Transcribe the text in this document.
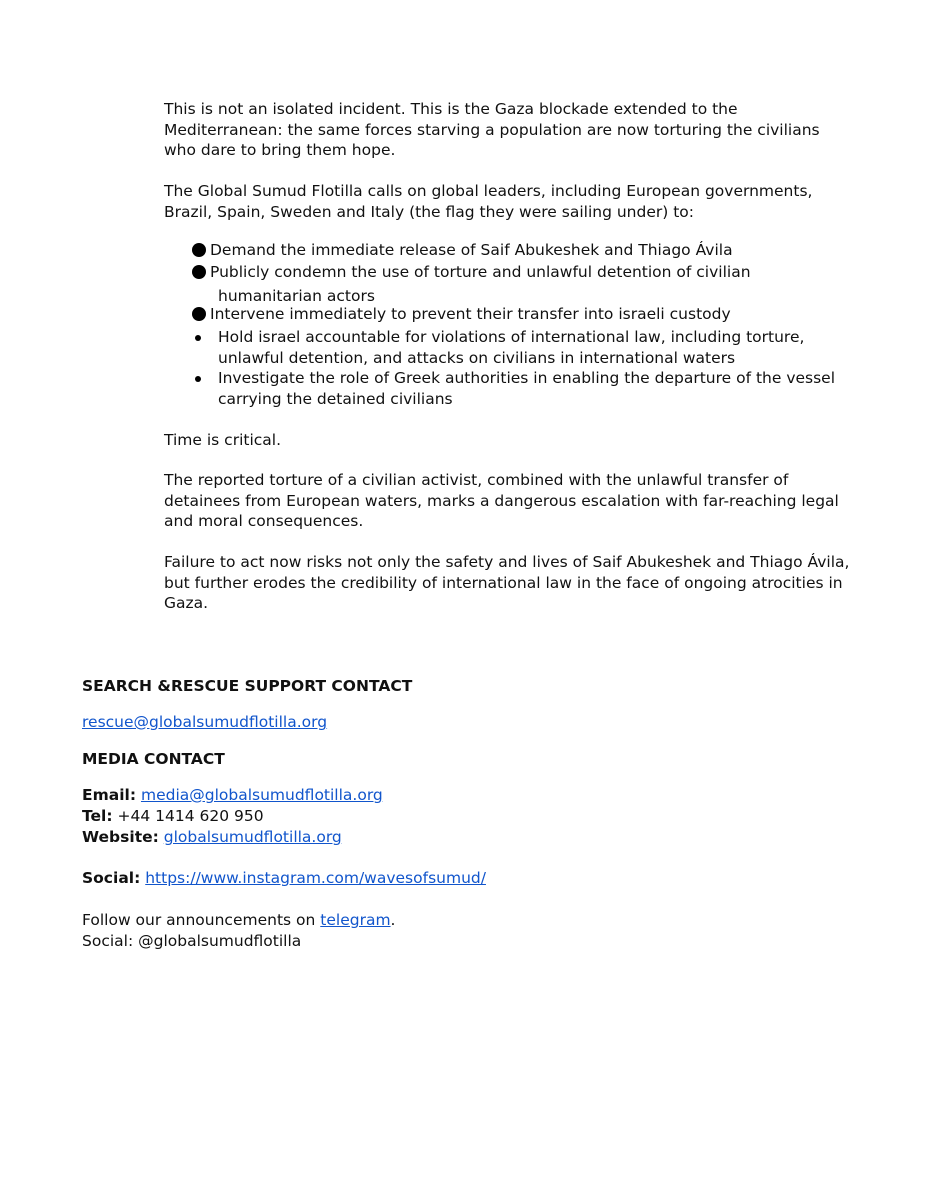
This is not an isolated incident. This is the Gaza blockade extended to the Mediterranean: the same forces starving a population are now torturing the civilians who dare to bring them hope.

The Global Sumud Flotilla calls on global leaders, including European governments, Brazil, Spain, Sweden and Italy (the flag they were sailing under) to:

Demand the immediate release of Saif Abukeshek and Thiago Ávila
Publicly condemn the use of torture and unlawful detention of civilian
humanitarian actors
Intervene immediately to prevent their transfer into israeli custody
Hold israel accountable for violations of international law, including torture, unlawful detention, and attacks on civilians in international waters
Investigate the role of Greek authorities in enabling the departure of the vessel carrying the detained civilians

Time is critical.

The reported torture of a civilian activist, combined with the unlawful transfer of detainees from European waters, marks a dangerous escalation with far-reaching legal and moral consequences.

Failure to act now risks not only the safety and lives of Saif Abukeshek and Thiago Ávila, but further erodes the credibility of international law in the face of ongoing atrocities in Gaza.

SEARCH &RESCUE SUPPORT CONTACT
rescue@globalsumudflotilla.org
MEDIA CONTACT
Email: media@globalsumudflotilla.org
Tel: +44 1414 620 950
Website: globalsumudflotilla.org
Social: https://www.instagram.com/wavesofsumud/
Follow our announcements on telegram.
Social: @globalsumudflotilla
